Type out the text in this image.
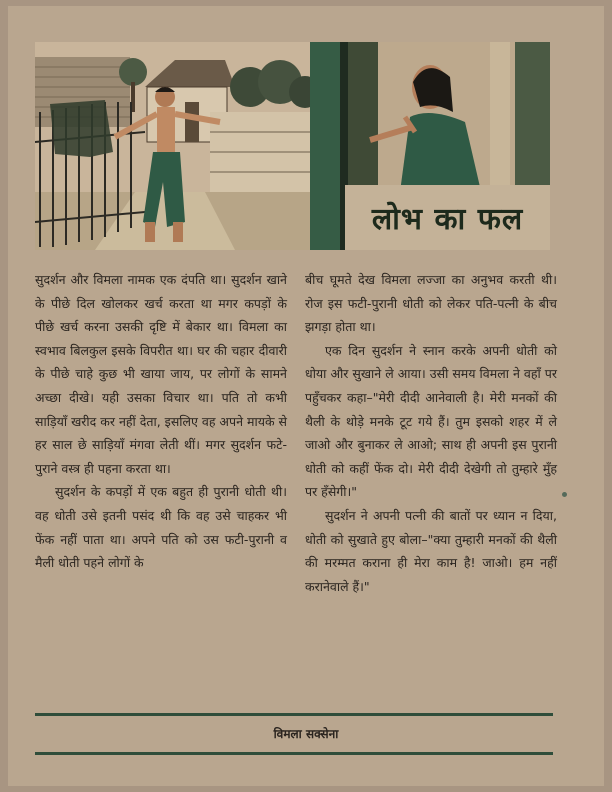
लोभ का फल

सुदर्शन और विमला नामक एक दंपति था। सुदर्शन खाने के पीछे दिल खोलकर खर्च करता था मगर कपड़ों के पीछे खर्च करना उसकी दृष्टि में बेकार था। विमला का स्वभाव बिलकुल इसके विपरीत था। घर की चहार दीवारी के पीछे चाहे कुछ भी खाया जाय, पर लोगों के सामने अच्छा दीखे। यही उसका विचार था। पति तो कभी साड़ियाँ खरीद कर नहीं देता, इसलिए वह अपने मायके से हर साल छे साड़ियाँ मंगवा लेती थीं। मगर सुदर्शन फटे-पुराने वस्त्र ही पहना करता था।

सुदर्शन के कपड़ों में एक बहुत ही पुरानी धोती थी। वह धोती उसे इतनी पसंद थी कि वह उसे चाहकर भी फेंक नहीं पाता था। अपने पति को उस फटी-पुरानी व मैली धोती पहने लोगों के

बीच घूमते देख विमला लज्जा का अनुभव करती थी। रोज इस फटी-पुरानी धोती को लेकर पति-पत्नी के बीच झगड़ा होता था।

एक दिन सुदर्शन ने स्नान करके अपनी धोती को धोया और सुखाने ले आया। उसी समय विमला ने वहाँ पर पहुँचकर कहा–"मेरी दीदी आनेवाली है। मेरी मनकों की थैली के थोड़े मनके टूट गये हैं। तुम इसको शहर में ले जाओ और बुनाकर ले आओ; साथ ही अपनी इस पुरानी धोती को कहीं फेंक दो। मेरी दीदी देखेगी तो तुम्हारे मुँह पर हँसेगी।"

सुदर्शन ने अपनी पत्नी की बातों पर ध्यान न दिया, धोती को सुखाते हुए बोला–"क्या तुम्हारी मनकों की थैली की मरम्मत कराना ही मेरा काम है! जाओ। हम नहीं करानेवाले हैं।"

विमला सक्सेना
